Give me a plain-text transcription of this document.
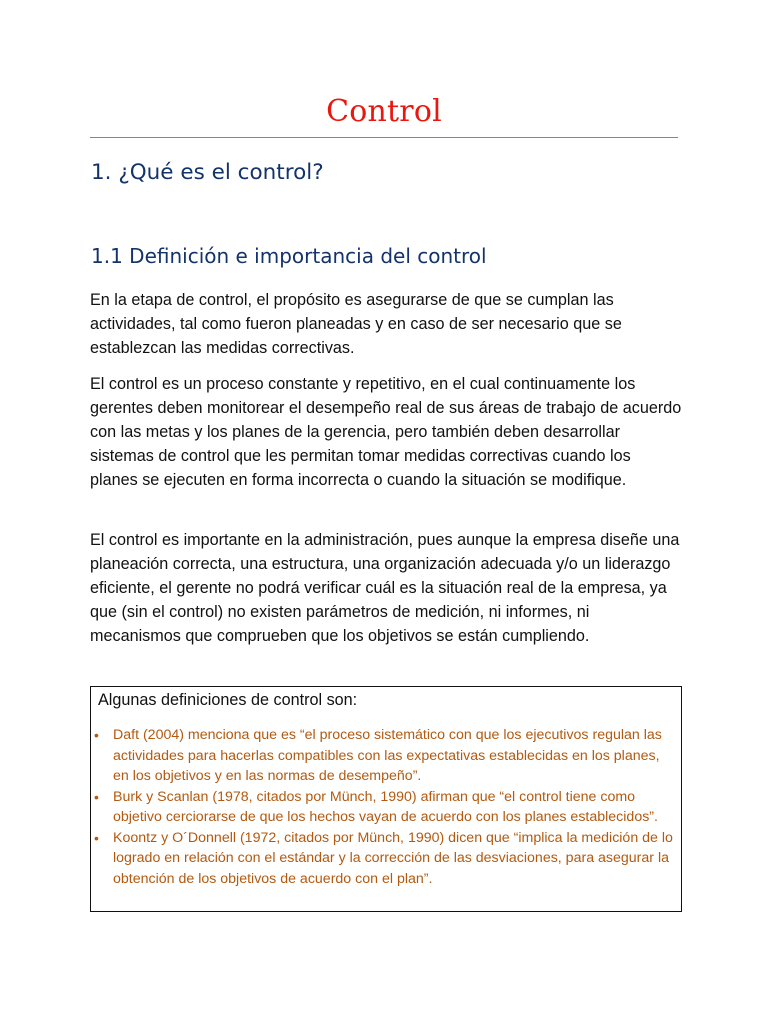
Control
1. ¿Qué es el control?
1.1 Definición e importancia del control

En la etapa de control, el propósito es asegurarse de que se cumplan las actividades, tal como fueron planeadas y en caso de ser necesario que se establezcan las medidas correctivas.

El control es un proceso constante y repetitivo, en el cual continuamente los gerentes deben monitorear el desempeño real de sus áreas de trabajo de acuerdo con las metas y los planes de la gerencia, pero también deben desarrollar sistemas de control que les permitan tomar medidas correctivas cuando los planes se ejecuten en forma incorrecta o cuando la situación se modifique.

El control es importante en la administración, pues aunque la empresa diseñe una planeación correcta, una estructura, una organización adecuada y/o un liderazgo eficiente, el gerente no podrá verificar cuál es la situación real de la empresa, ya que (sin el control) no existen parámetros de medición, ni informes, ni mecanismos que comprueben que los objetivos se están cumpliendo.

Algunas definiciones de control son:

• Daft (2004) menciona que es “el proceso sistemático con que los ejecutivos regulan las actividades para hacerlas compatibles con las expectativas establecidas en los planes, en los objetivos y en las normas de desempeño”.
• Burk y Scanlan (1978, citados por Münch, 1990) afirman que “el control tiene como objetivo cerciorarse de que los hechos vayan de acuerdo con los planes establecidos”.
• Koontz y O´Donnell (1972, citados por Münch, 1990) dicen que “implica la medición de lo logrado en relación con el estándar y la corrección de las desviaciones, para asegurar la obtención de los objetivos de acuerdo con el plan”.
